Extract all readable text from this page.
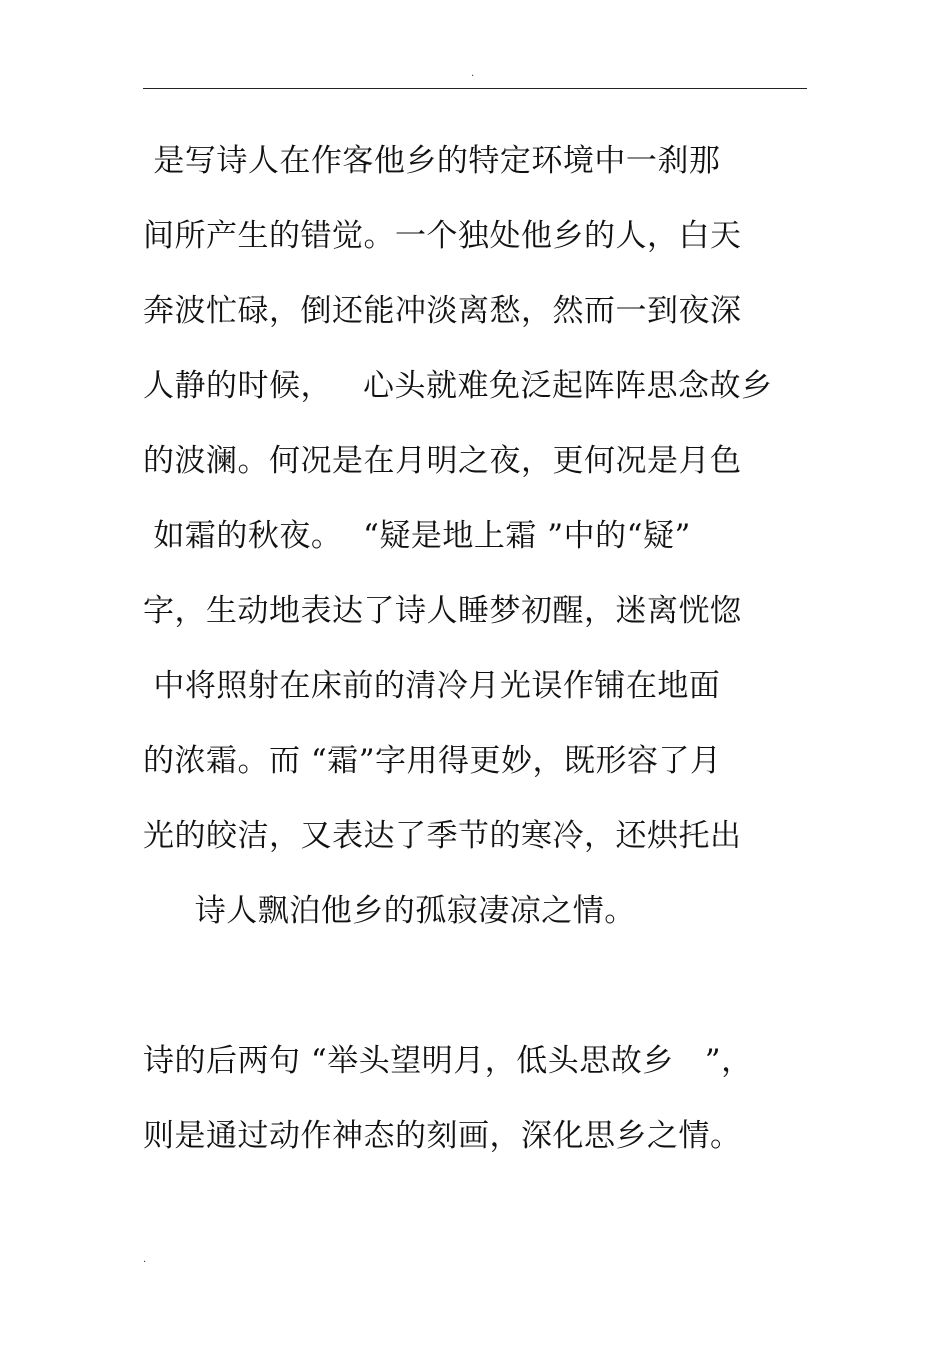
.
是写诗人在作客他乡的特定环境中一刹那
间所产生的错觉。一个独处他乡的人，白天
奔波忙碌，倒还能冲淡离愁，然而一到夜深
人静的时候，   心头就难免泛起阵阵思念故乡
的波澜。何况是在月明之夜，更何况是月色
如霜的秋夜。  “疑是地上霜 ”中的“疑”
字，生动地表达了诗人睡梦初醒，迷离恍惚
中将照射在床前的清冷月光误作铺在地面
的浓霜。而 “霜”字用得更妙，既形容了月
光的皎洁，又表达了季节的寒冷，还烘托出
诗人飘泊他乡的孤寂凄凉之情。
诗的后两句 “举头望明月，低头思故乡   ”，
则是通过动作神态的刻画，深化思乡之情。
.
